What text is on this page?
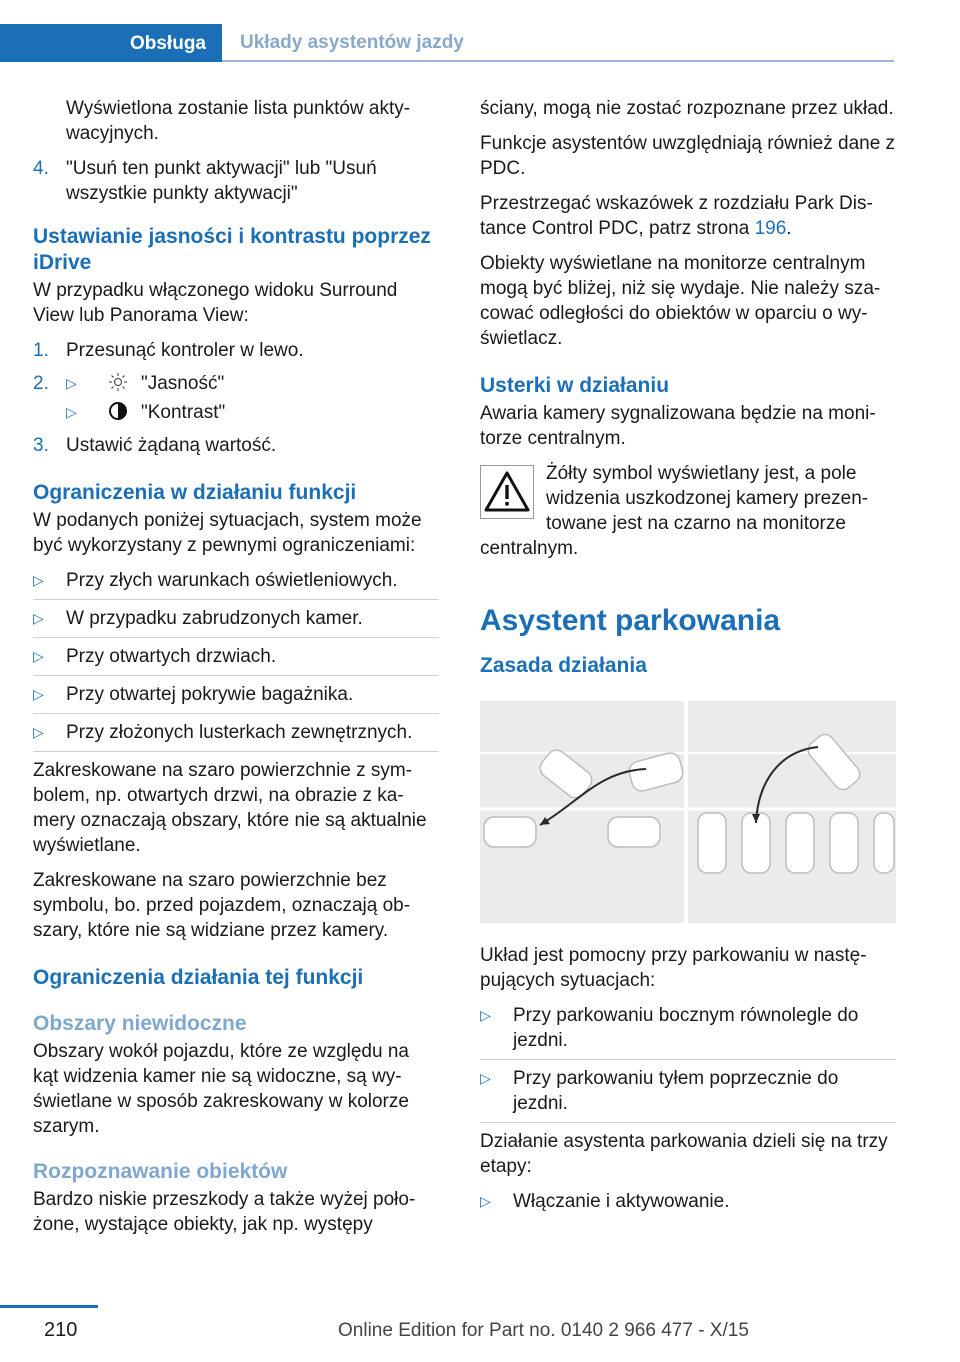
Obsługa	Układy asystentów jazdy

Wyświetlona zostanie lista punktów aktywacyjnych.

4. "Usuń ten punkt aktywacji" lub "Usuń wszystkie punkty aktywacji"
Ustawianie jasności i kontrastu poprzez iDrive

W przypadku włączonego widoku Surround View lub Panorama View:

1. Przesunąć kontroler w lewo.
2. ▷	"Jasność"
▷	"Kontrast"
3. Ustawić żądaną wartość.
Ograniczenia w działaniu funkcji

W podanych poniżej sytuacjach, system może być wykorzystany z pewnymi ograniczeniami:

▷ Przy złych warunkach oświetleniowych.
▷ W przypadku zabrudzonych kamer.
▷ Przy otwartych drzwiach.
▷ Przy otwartej pokrywie bagażnika.
▷ Przy złożonych lusterkach zewnętrznych.

Zakreskowane na szaro powierzchnie z symbolem, np. otwartych drzwi, na obrazie z kamery oznaczają obszary, które nie są aktualnie wyświetlane.

Zakreskowane na szaro powierzchnie bez symbolu, bo. przed pojazdem, oznaczają obszary, które nie są widziane przez kamery.

Ograniczenia działania tej funkcji
Obszary niewidoczne

Obszary wokół pojazdu, które ze względu na kąt widzenia kamer nie są widoczne, są wyświetlane w sposób zakreskowany w kolorze szarym.

Rozpoznawanie obiektów

Bardzo niskie przeszkody a także wyżej położone, wystające obiekty, jak np. występy

ściany, mogą nie zostać rozpoznane przez układ.

Funkcje asystentów uwzględniają również dane z PDC.

Przestrzegać wskazówek z rozdziału Park Distance Control PDC, patrz strona 196.

Obiekty wyświetlane na monitorze centralnym mogą być bliżej, niż się wydaje. Nie należy szacować odległości do obiektów w oparciu o wyświetlacz.

Usterki w działaniu

Awaria kamery sygnalizowana będzie na monitorze centralnym.

Żółty symbol wyświetlany jest, a pole widzenia uszkodzonej kamery prezentowane jest na czarno na monitorze centralnym.
Asystent parkowania
Zasada działania

Układ jest pomocny przy parkowaniu w następujących sytuacjach:

▷ Przy parkowaniu bocznym równolegle do jezdni.
▷ Przy parkowaniu tyłem poprzecznie do jezdni.

Działanie asystenta parkowania dzieli się na trzy etapy:

▷ Włączanie i aktywowanie.
210	Online Edition for Part no. 0140 2 966 477 - X/15
